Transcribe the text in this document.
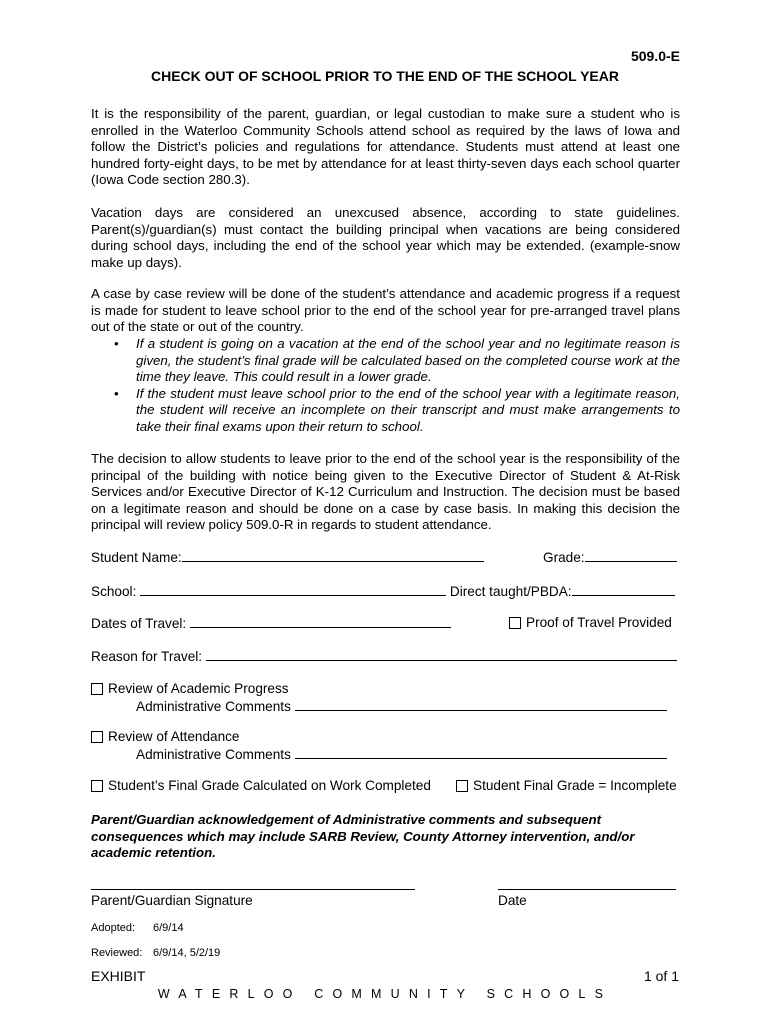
509.0-E
CHECK OUT OF SCHOOL PRIOR TO THE END OF THE SCHOOL YEAR

It is the responsibility of the parent, guardian, or legal custodian to make sure a student who is enrolled in the Waterloo Community Schools attend school as required by the laws of Iowa and follow the District’s policies and regulations for attendance. Students must attend at least one hundred forty-eight days, to be met by attendance for at least thirty-seven days each school quarter (Iowa Code section 280.3).

Vacation days are considered an unexcused absence, according to state guidelines. Parent(s)/guardian(s) must contact the building principal when vacations are being considered during school days, including the end of the school year which may be extended. (example-snow make up days).

A case by case review will be done of the student’s attendance and academic progress if a request is made for student to leave school prior to the end of the school year for pre-arranged travel plans out of the state or out of the country.

• If a student is going on a vacation at the end of the school year and no legitimate reason is given, the student’s final grade will be calculated based on the completed course work at the time they leave. This could result in a lower grade.
• If the student must leave school prior to the end of the school year with a legitimate reason, the student will receive an incomplete on their transcript and must make arrangements to take their final exams upon their return to school.

The decision to allow students to leave prior to the end of the school year is the responsibility of the principal of the building with notice being given to the Executive Director of Student & At-Risk Services and/or Executive Director of K-12 Curriculum and Instruction. The decision must be based on a legitimate reason and should be done on a case by case basis. In making this decision the principal will review policy 509.0-R in regards to student attendance.

Student Name:	Grade:
School:	Direct taught/PBDA:
Dates of Travel:	Proof of Travel Provided
Reason for Travel:
Review of Academic Progress
Administrative Comments
Review of Attendance
Administrative Comments
Student’s Final Grade Calculated on Work Completed	Student Final Grade = Incomplete

Parent/Guardian acknowledgement of Administrative comments and subsequent consequences which may include SARB Review, County Attorney intervention, and/or academic retention.

Parent/Guardian Signature	Date
Adopted: 6/9/14
Reviewed: 6/9/14, 5/2/19
EXHIBIT	1 of 1
WATERLOO COMMUNITY SCHOOLS
